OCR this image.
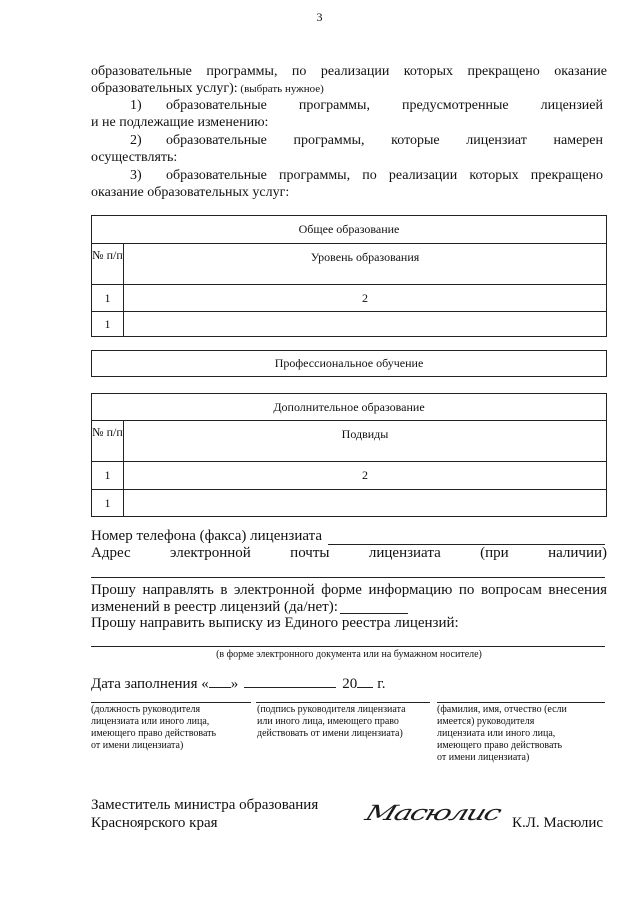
3
образовательные программы, по реализации которых прекращено оказание
образовательных услуг): (выбрать нужное)
1) образовательные программы, предусмотренные лицензией
и не подлежащие изменению:
2) образовательные программы, которые лицензиат намерен
осуществлять:
3) образовательные программы, по реализации которых прекращено
оказание образовательных услуг:
Общее образование
№ п/п	Уровень образования
1	2
1
Профессиональное обучение
Дополнительное образование
№ п/п	Подвиды
1	2
1
Номер телефона (факса) лицензиата
Адрес электронной почты лицензиата (при наличии)
Прошу направлять в электронной форме информацию по вопросам внесения
изменений в реестр лицензий (да/нет):
Прошу направить выписку из Единого реестра лицензий:
(в форме электронного документа или на бумажном носителе)
Дата заполнения « »	20 г.
(должность руководителя
лицензиата или иного лица,
имеющего право действовать
от имени лицензиата)
(подпись руководителя лицензиата
или иного лица, имеющего право
действовать от имени лицензиата)
(фамилия, имя, отчество (если
имеется) руководителя
лицензиата или иного лица,
имеющего право действовать
от имени лицензиата)
Заместитель министра образования
Красноярского края	Масюлис К.Л. Масюлис
